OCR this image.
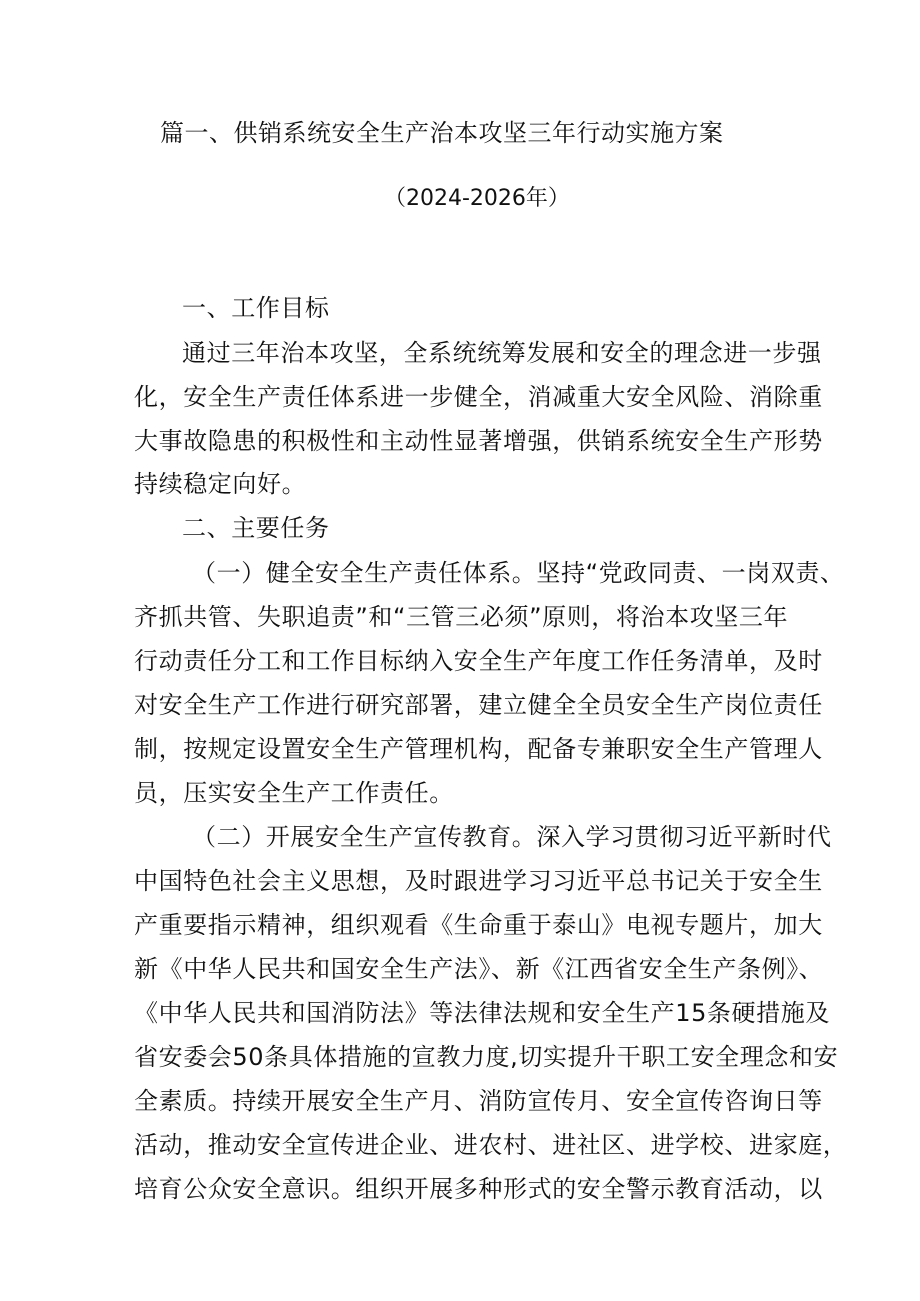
篇一、供销系统安全生产治本攻坚三年行动实施方案
（2024-2026年）
一、工作目标
通过三年治本攻坚，全系统统筹发展和安全的理念进一步强
化，安全生产责任体系进一步健全，消减重大安全风险、消除重
大事故隐患的积极性和主动性显著增强，供销系统安全生产形势
持续稳定向好。
二、主要任务
（一）健全安全生产责任体系。坚持“党政同责、一岗双责、
齐抓共管、失职追责”和“三管三必须”原则，将治本攻坚三年
行动责任分工和工作目标纳入安全生产年度工作任务清单，及时
对安全生产工作进行研究部署，建立健全全员安全生产岗位责任
制，按规定设置安全生产管理机构，配备专兼职安全生产管理人
员，压实安全生产工作责任。
（二）开展安全生产宣传教育。深入学习贯彻习近平新时代
中国特色社会主义思想，及时跟进学习习近平总书记关于安全生
产重要指示精神，组织观看《生命重于泰山》电视专题片，加大
新《中华人民共和国安全生产法》、新《江西省安全生产条例》、
《中华人民共和国消防法》等法律法规和安全生产15条硬措施及
省安委会50条具体措施的宣教力度,切实提升干职工安全理念和安
全素质。持续开展安全生产月、消防宣传月、安全宣传咨询日等
活动，推动安全宣传进企业、进农村、进社区、进学校、进家庭，
培育公众安全意识。组织开展多种形式的安全警示教育活动，以
